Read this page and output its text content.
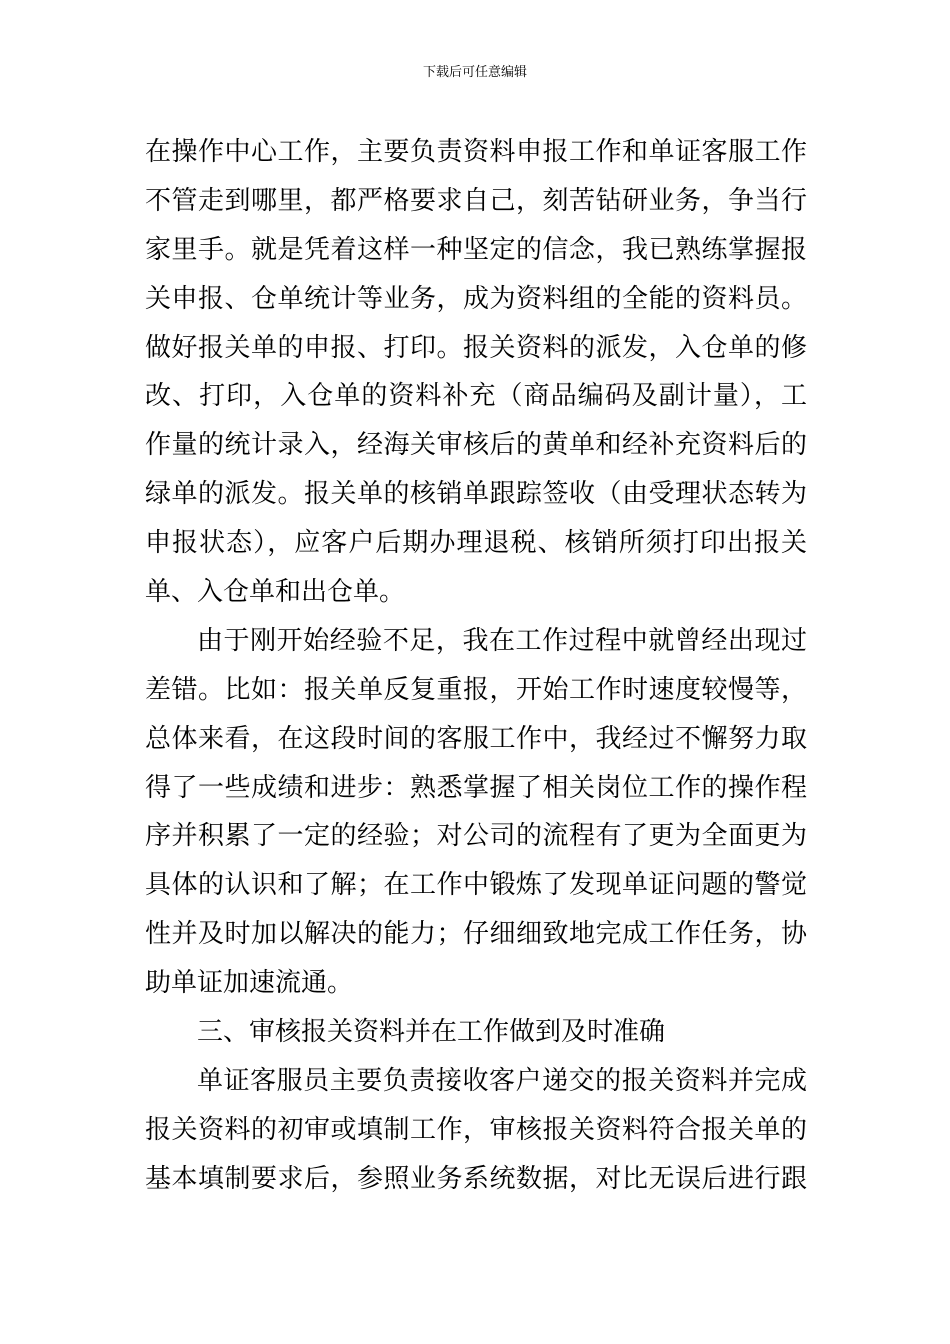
下载后可任意编辑
在操作中心工作，主要负责资料申报工作和单证客服工作
不管走到哪里，都严格要求自己，刻苦钻研业务，争当行
家里手。就是凭着这样一种坚定的信念，我已熟练掌握报
关申报、仓单统计等业务，成为资料组的全能的资料员。
做好报关单的申报、打印。报关资料的派发，入仓单的修
改、打印，入仓单的资料补充（商品编码及副计量），工
作量的统计录入，经海关审核后的黄单和经补充资料后的
绿单的派发。报关单的核销单跟踪签收（由受理状态转为
申报状态），应客户后期办理退税、核销所须打印出报关
单、入仓单和出仓单。
由于刚开始经验不足，我在工作过程中就曾经出现过
差错。比如：报关单反复重报，开始工作时速度较慢等，
总体来看，在这段时间的客服工作中，我经过不懈努力取
得了一些成绩和进步：熟悉掌握了相关岗位工作的操作程
序并积累了一定的经验；对公司的流程有了更为全面更为
具体的认识和了解；在工作中锻炼了发现单证问题的警觉
性并及时加以解决的能力；仔细细致地完成工作任务，协
助单证加速流通。
三、审核报关资料并在工作做到及时准确
单证客服员主要负责接收客户递交的报关资料并完成
报关资料的初审或填制工作，审核报关资料符合报关单的
基本填制要求后，参照业务系统数据，对比无误后进行跟
